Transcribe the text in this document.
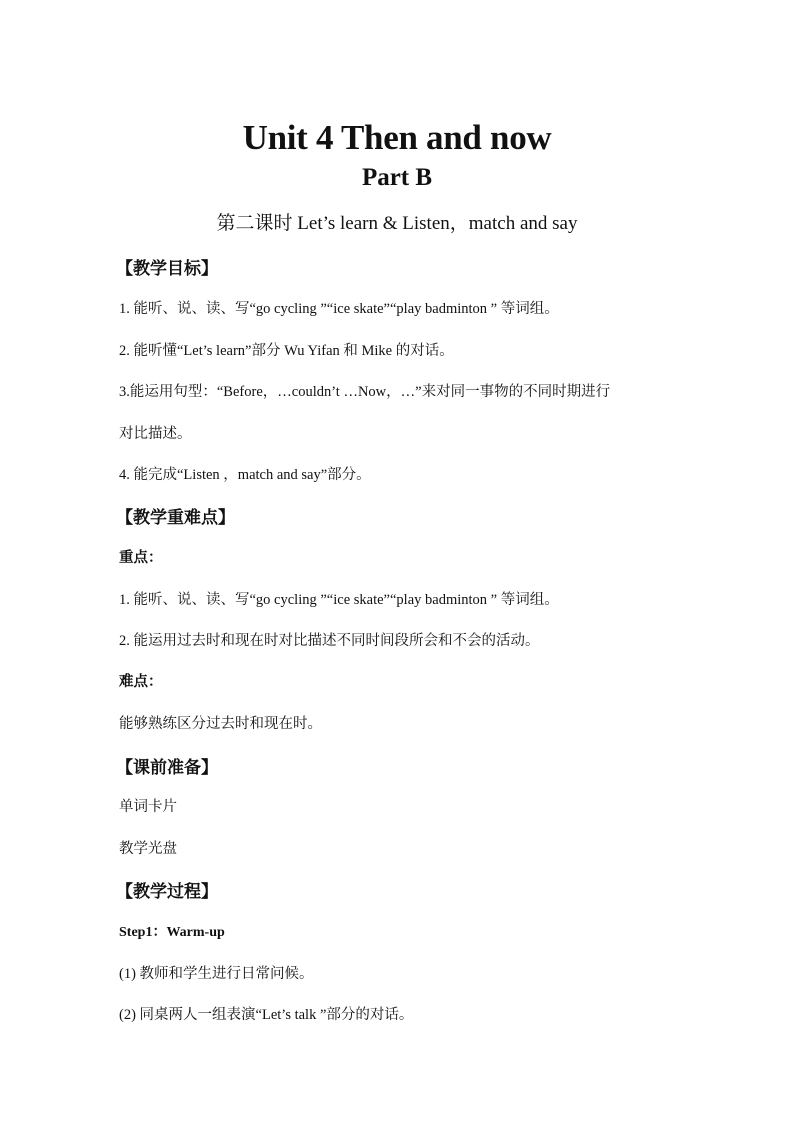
Unit 4 Then and now
Part B
第二课时 Let’s learn & Listen，match and say
【教学目标】
1. 能听、说、读、写“go cycling ”“ice skate”“play badminton ” 等词组。
2. 能听懂“Let’s learn”部分 Wu Yifan 和 Mike 的对话。
3.能运用句型：“Before，…couldn’t …Now，…”来对同一事物的不同时期进行
对比描述。
4. 能完成“Listen ，match and say”部分。
【教学重难点】
重点：
1. 能听、说、读、写“go cycling ”“ice skate”“play badminton ” 等词组。
2. 能运用过去时和现在时对比描述不同时间段所会和不会的活动。
难点：
能够熟练区分过去时和现在时。
【课前准备】
单词卡片
教学光盘
【教学过程】
Step1：Warm-up
(1) 教师和学生进行日常问候。
(2) 同桌两人一组表演“Let’s talk ”部分的对话。
